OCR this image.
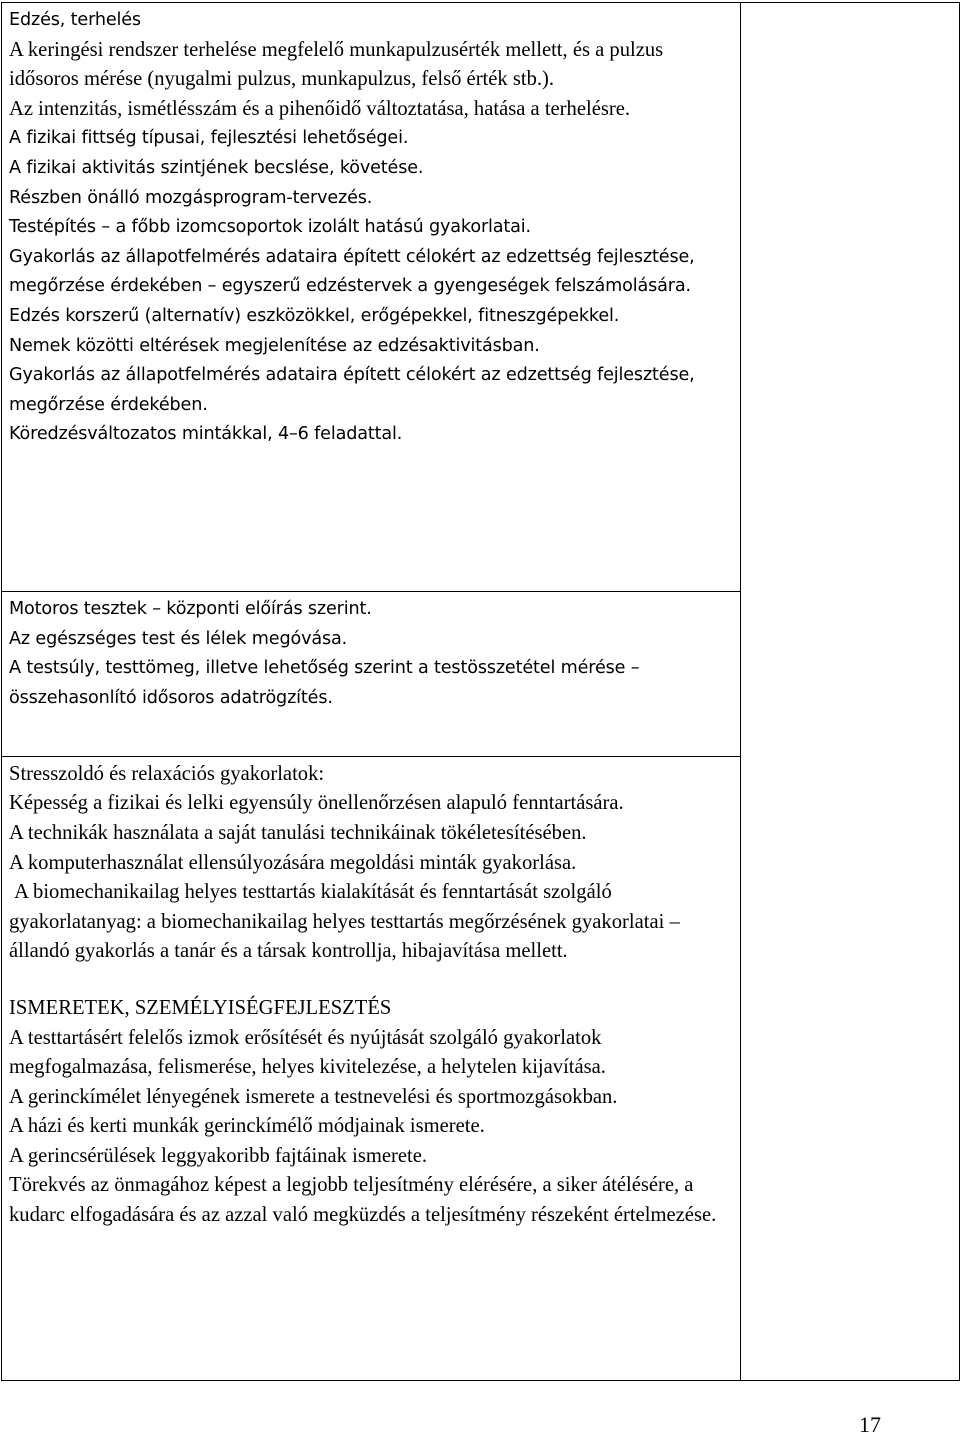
Edzés, terhelés

A keringési rendszer terhelése megfelelő munkapulzusérték mellett, és a pulzus idősoros mérése (nyugalmi pulzus, munkapulzus, felső érték stb.).

Az intenzitás, ismétlésszám és a pihenőidő változtatása, hatása a terhelésre.

A fizikai fittség típusai, fejlesztési lehetőségei.

A fizikai aktivitás szintjének becslése, követése.

Részben önálló mozgásprogram-tervezés.

Testépítés – a főbb izomcsoportok izolált hatású gyakorlatai.

Gyakorlás az állapotfelmérés adataira épített célokért az edzettség fejlesztése, megőrzése érdekében – egyszerű edzéstervek a gyengeségek felszámolására.

Edzés korszerű (alternatív) eszközökkel, erőgépekkel, fitneszgépekkel.

Nemek közötti eltérések megjelenítése az edzésaktivitásban.

Gyakorlás az állapotfelmérés adataira épített célokért az edzettség fejlesztése, megőrzése érdekében.

Köredzésváltozatos mintákkal, 4–6 feladattal.

Motoros tesztek – központi előírás szerint.

Az egészséges test és lélek megóvása.

A testsúly, testtömeg, illetve lehetőség szerint a testösszetétel mérése – összehasonlító idősoros adatrögzítés.

Stresszoldó és relaxációs gyakorlatok:

Képesség a fizikai és lelki egyensúly önellenőrzésen alapuló fenntartására.

A technikák használata a saját tanulási technikáinak tökéletesítésében.

A komputerhasználat ellensúlyozására megoldási minták gyakorlása.

A biomechanikailag helyes testtartás kialakítását és fenntartását szolgáló gyakorlatanyag: a biomechanikailag helyes testtartás megőrzésének gyakorlatai – állandó gyakorlás a tanár és a társak kontrollja, hibajavítása mellett.

ISMERETEK, SZEMÉLYISÉGFEJLESZTÉS

A testtartásért felelős izmok erősítését és nyújtását szolgáló gyakorlatok megfogalmazása, felismerése, helyes kivitelezése, a helytelen kijavítása.

A gerinckímélet lényegének ismerete a testnevelési és sportmozgásokban.

A házi és kerti munkák gerinckímélő módjainak ismerete.

A gerincsérülések leggyakoribb fajtáinak ismerete.

Törekvés az önmagához képest a legjobb teljesítmény elérésére, a siker átélésére, a kudarc elfogadására és az azzal való megküzdés a teljesítmény részeként értelmezése.

17
